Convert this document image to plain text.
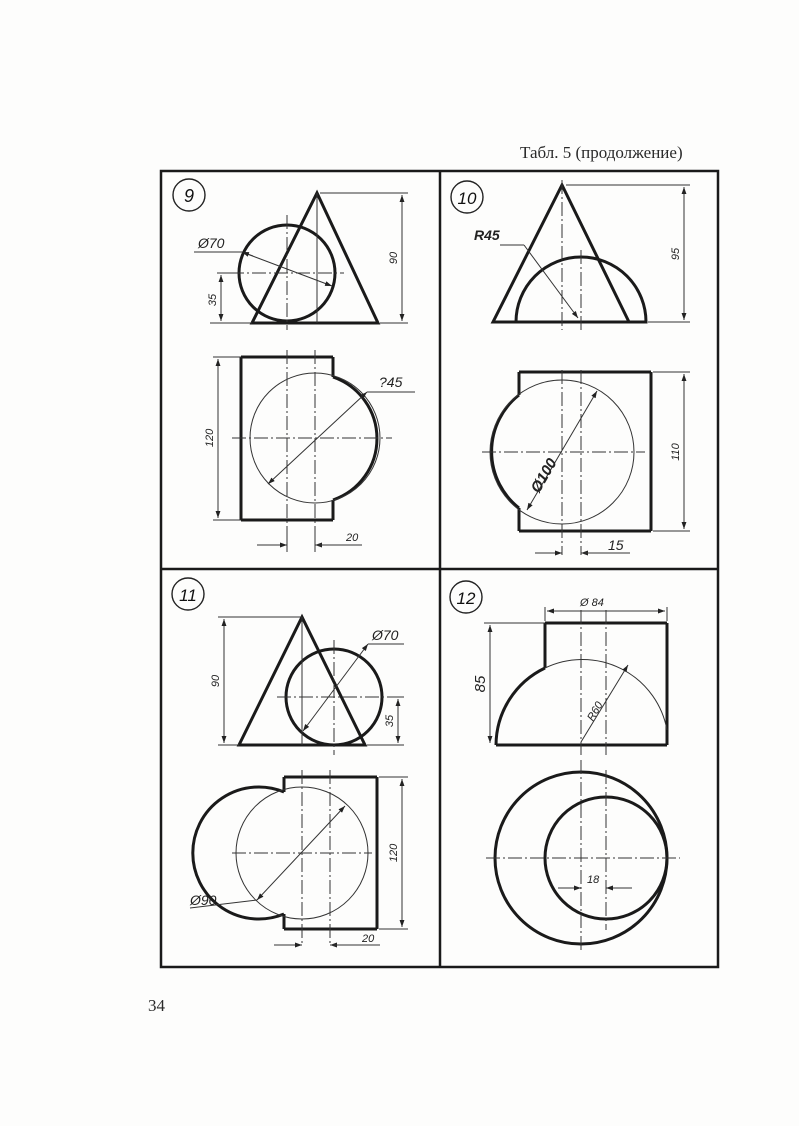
Табл. 5 (продолжение)
9
35
90
Ø70
?45
120
20
10
R45
95
Ø100
110
15
11
90
35
Ø70
Ø90
120
20
12	Ø 84
85
R60
18
34
